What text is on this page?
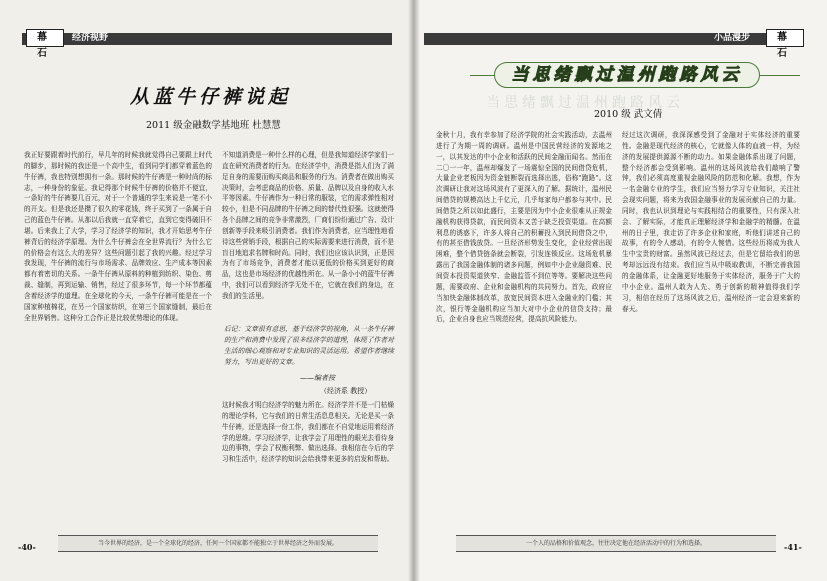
幕 石
经济视野
从蓝牛仔裤说起
2011 级金融数学基地班 杜慧慧
我正好要跟着时代前行，早几年的时候我就觉得自己要跟上时代的脚步，那时候的我还是一个高中生，看到同学们都穿着蓝色的牛仔裤，我也特别想拥有一条。那时候的牛仔裤是一种时尚的标志，一种身份的象征。我记得那个时候牛仔裤的价格并不便宜，一条好的牛仔裤要几百元，对于一个普通的学生来说是一笔不小的开支。但是我还是攒了很久的零花钱，终于买到了一条属于自己的蓝色牛仔裤。从那以后我就一直穿着它，直到它变得破旧不堪。后来我上了大学，学习了经济学的知识，我才开始思考牛仔裤背后的经济学原理。为什么牛仔裤会在全世界流行？为什么它的价格会有这么大的差异？这些问题引起了我的兴趣。经过学习我发现，牛仔裤的流行与市场需求、品牌效应、生产成本等因素都有着密切的关系。一条牛仔裤从原料的种植到纺织、染色、剪裁、缝制，再到运输、销售，经过了很多环节，每一个环节都蕴含着经济学的道理。在全球化的今天，一条牛仔裤可能是在一个国家种植棉花，在另一个国家纺织，在第三个国家缝制，最后在全世界销售。这种分工合作正是比较优势理论的体现。
不知道消费是一种什么样的心理，但是我知道经济学家们一直在研究消费者的行为。在经济学中，消费是指人们为了满足自身的需要而购买商品和服务的行为。消费者在做出购买决策时，会考虑商品的价格、质量、品牌以及自身的收入水平等因素。牛仔裤作为一种日常的服装，它的需求弹性相对较小，但是不同品牌的牛仔裤之间的替代性很强。这就使得各个品牌之间的竞争非常激烈，厂商们纷纷通过广告、设计创新等手段来吸引消费者。我们作为消费者，应当理性地看待这些营销手段，根据自己的实际需要来进行消费，而不是盲目地追求名牌和时尚。同时，我们也应该认识到，正是因为有了市场竞争，消费者才能以更低的价格买到更好的商品，这也是市场经济的优越性所在。从一条小小的蓝牛仔裤中，我们可以看到经济学无处不在，它就在我们的身边，在我们的生活里。
这时候我才明白经济学的魅力所在。经济学并不是一门枯燥的理论学科，它与我们的日常生活息息相关。无论是买一条牛仔裤，还是选择一份工作，我们都在不自觉地运用着经济学的思维。学习经济学，让我学会了用理性的眼光去看待身边的事物，学会了权衡利弊、做出选择。我相信在今后的学习和生活中，经济学的知识会给我带来更多的启发和帮助。
后记：文章很有意思，基于经济学的视角，从一条牛仔裤的生产和消费中发现了很多经济学的道理，体现了作者对生活的细心观察和对专业知识的灵活运用。希望作者继续努力，写出更好的文章。
——编者按
（经济系 教授）
当今世界的经济，是一个全球化的经济，任何一个国家都不能独立于世界经济之外而发展。
-40-
小品漫步	幕 石
当思绪飘过温州跑路风云
当思绪飘过温州跑路风云
2010 级 武文倩
金秋十月，我有幸参加了经济学院的社会实践活动，去温州进行了为期一周的调研。温州是中国民营经济的发源地之一，以其发达的中小企业和活跃的民间金融而闻名。然而在二〇一一年，温州却爆发了一场震惊全国的民间借贷危机，大量企业老板因为资金链断裂而选择出逃，俗称"跑路"。这次调研让我对这场风波有了更深入的了解。据统计，温州民间借贷的规模高达上千亿元，几乎每家每户都参与其中。民间借贷之所以如此盛行，主要是因为中小企业很难从正规金融机构获得贷款，而民间资本又苦于缺乏投资渠道。在高额利息的诱惑下，许多人将自己的积蓄投入到民间借贷之中，有的甚至借钱放贷。一旦经济形势发生变化，企业经营出现困难，整个借贷链条就会断裂，引发连锁反应。这场危机暴露出了我国金融体制的诸多问题，例如中小企业融资难、民间资本投资渠道狭窄、金融监管不到位等等。要解决这些问题，需要政府、企业和金融机构的共同努力。首先，政府应当加快金融体制改革，放宽民间资本进入金融业的门槛；其次，银行等金融机构应当加大对中小企业的信贷支持；最后，企业自身也应当规范经营，提高抗风险能力。
经过这次调研，我深深感受到了金融对于实体经济的重要性。金融是现代经济的核心，它就像人体的血液一样，为经济的发展提供源源不断的动力。如果金融体系出现了问题，整个经济都会受到影响。温州的这场风波给我们敲响了警钟，我们必须高度重视金融风险的防范和化解。我想，作为一名金融专业的学生，我们应当努力学习专业知识，关注社会现实问题，将来为我国金融事业的发展贡献自己的力量。同时，我也认识到理论与实践相结合的重要性，只有深入社会、了解实际，才能真正理解经济学和金融学的精髓。在温州的日子里，我走访了许多企业和家庭，听他们讲述自己的故事，有的令人感动，有的令人惋惜。这些经历将成为我人生中宝贵的财富。虽然风波已经过去，但是它留给我们的思考却远远没有结束。我们应当从中吸取教训，不断完善我国的金融体系，让金融更好地服务于实体经济，服务于广大的中小企业。温州人敢为人先、勇于创新的精神值得我们学习，相信在经历了这场风波之后，温州经济一定会迎来新的春天。
一个人的品格和价值观念，往往决定他在经济活动中的行为和选择。	-41-
